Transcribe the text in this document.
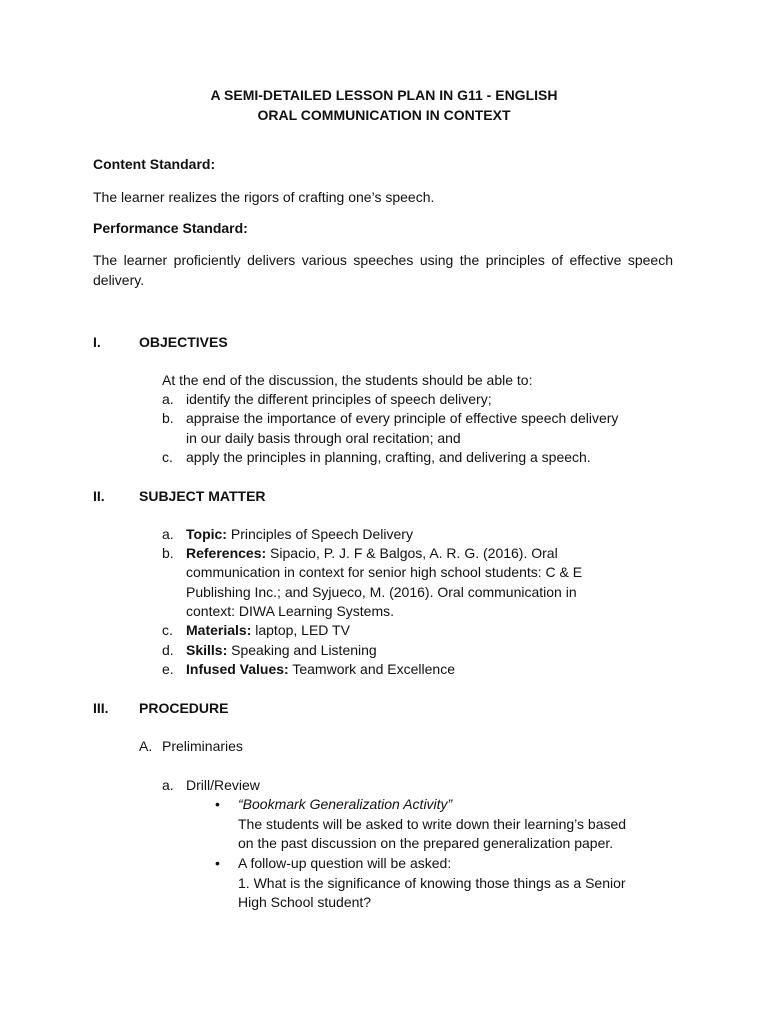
A SEMI-DETAILED LESSON PLAN IN G11 - ENGLISH
ORAL COMMUNICATION IN CONTEXT
Content Standard:
The learner realizes the rigors of crafting one’s speech.
Performance Standard:
The learner proficiently delivers various speeches using the principles of effective speech delivery.
I.	OBJECTIVES
At the end of the discussion, the students should be able to:
a. identify the different principles of speech delivery;
b. appraise the importance of every principle of effective speech delivery
in our daily basis through oral recitation; and
c. apply the principles in planning, crafting, and delivering a speech.
II. SUBJECT MATTER
a. Topic: Principles of Speech Delivery
b. References: Sipacio, P. J. F & Balgos, A. R. G. (2016). Oral
communication in context for senior high school students: C & E
Publishing Inc.; and Syjueco, M. (2016). Oral communication in
context: DIWA Learning Systems.
c. Materials: laptop, LED TV
d. Skills: Speaking and Listening
e. Infused Values: Teamwork and Excellence
III. PROCEDURE
A. Preliminaries
a. Drill/Review
• “Bookmark Generalization Activity”
The students will be asked to write down their learning’s based
on the past discussion on the prepared generalization paper.
• A follow-up question will be asked:
1. What is the significance of knowing those things as a Senior
High School student?
